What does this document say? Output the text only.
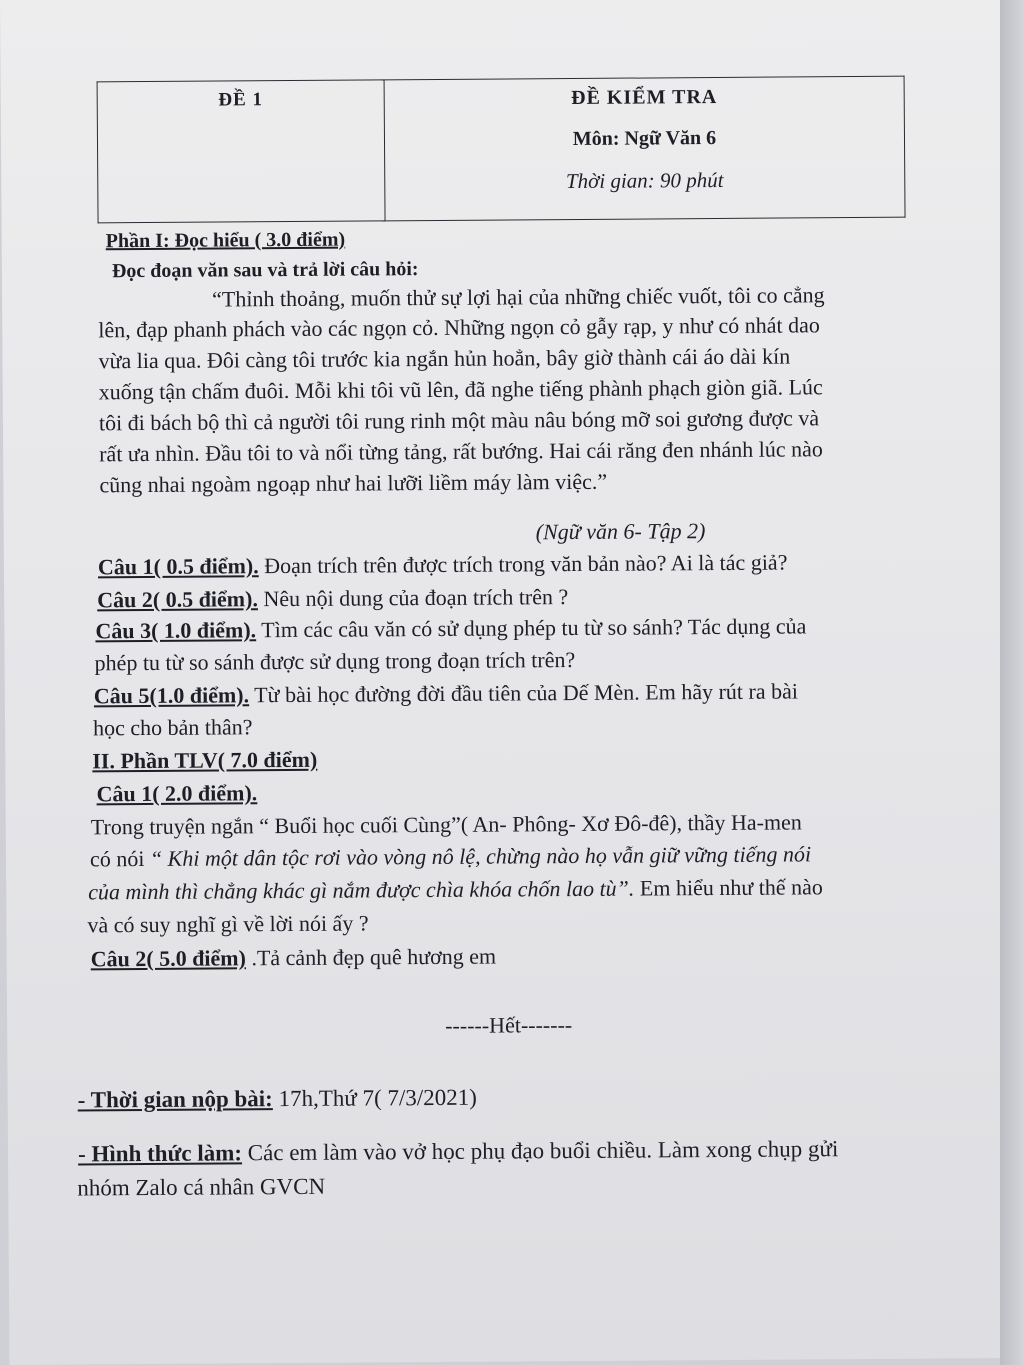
ĐỀ 1	ĐỀ KIỂM TRA
Môn: Ngữ Văn 6
Thời gian: 90 phút
Phần I: Đọc hiểu ( 3.0 điểm)
Đọc đoạn văn sau và trả lời câu hỏi:
“Thỉnh thoảng, muốn thử sự lợi hại của những chiếc vuốt, tôi co cẳng
lên, đạp phanh phách vào các ngọn cỏ. Những ngọn cỏ gẫy rạp, y như có nhát dao
vừa lia qua. Đôi càng tôi trước kia ngắn hủn hoẳn, bây giờ thành cái áo dài kín
xuống tận chấm đuôi. Mỗi khi tôi vũ lên, đã nghe tiếng phành phạch giòn giã. Lúc
tôi đi bách bộ thì cả người tôi rung rinh một màu nâu bóng mỡ soi gương được và
rất ưa nhìn. Đầu tôi to và nổi từng tảng, rất bướng. Hai cái răng đen nhánh lúc nào
cũng nhai ngoàm ngoạp như hai lưỡi liềm máy làm việc.”
(Ngữ văn 6- Tập 2)
Câu 1( 0.5 điểm). Đoạn trích trên được trích trong văn bản nào? Ai là tác giả?
Câu 2( 0.5 điểm). Nêu nội dung của đoạn trích trên ?
Câu 3( 1.0 điểm). Tìm các câu văn có sử dụng phép tu từ so sánh? Tác dụng của
phép tu từ so sánh được sử dụng trong đoạn trích trên?
Câu 5(1.0 điểm). Từ bài học đường đời đầu tiên của Dế Mèn. Em hãy rút ra bài
học cho bản thân?
II. Phần TLV( 7.0 điểm)
Câu 1( 2.0 điểm).
Trong truyện ngắn “ Buổi học cuối Cùng”( An- Phông- Xơ Đô-đê), thầy Ha-men
có nói “ Khi một dân tộc rơi vào vòng nô lệ, chừng nào họ vẫn giữ vững tiếng nói
của mình thì chẳng khác gì nắm được chìa khóa chốn lao tù”. Em hiểu như thế nào
và có suy nghĩ gì về lời nói ấy ?
Câu 2( 5.0 điểm) .Tả cảnh đẹp quê hương em
------Hết-------
- Thời gian nộp bài: 17h,Thứ 7( 7/3/2021)
- Hình thức làm: Các em làm vào vở học phụ đạo buổi chiều. Làm xong chụp gửi
nhóm Zalo cá nhân GVCN
